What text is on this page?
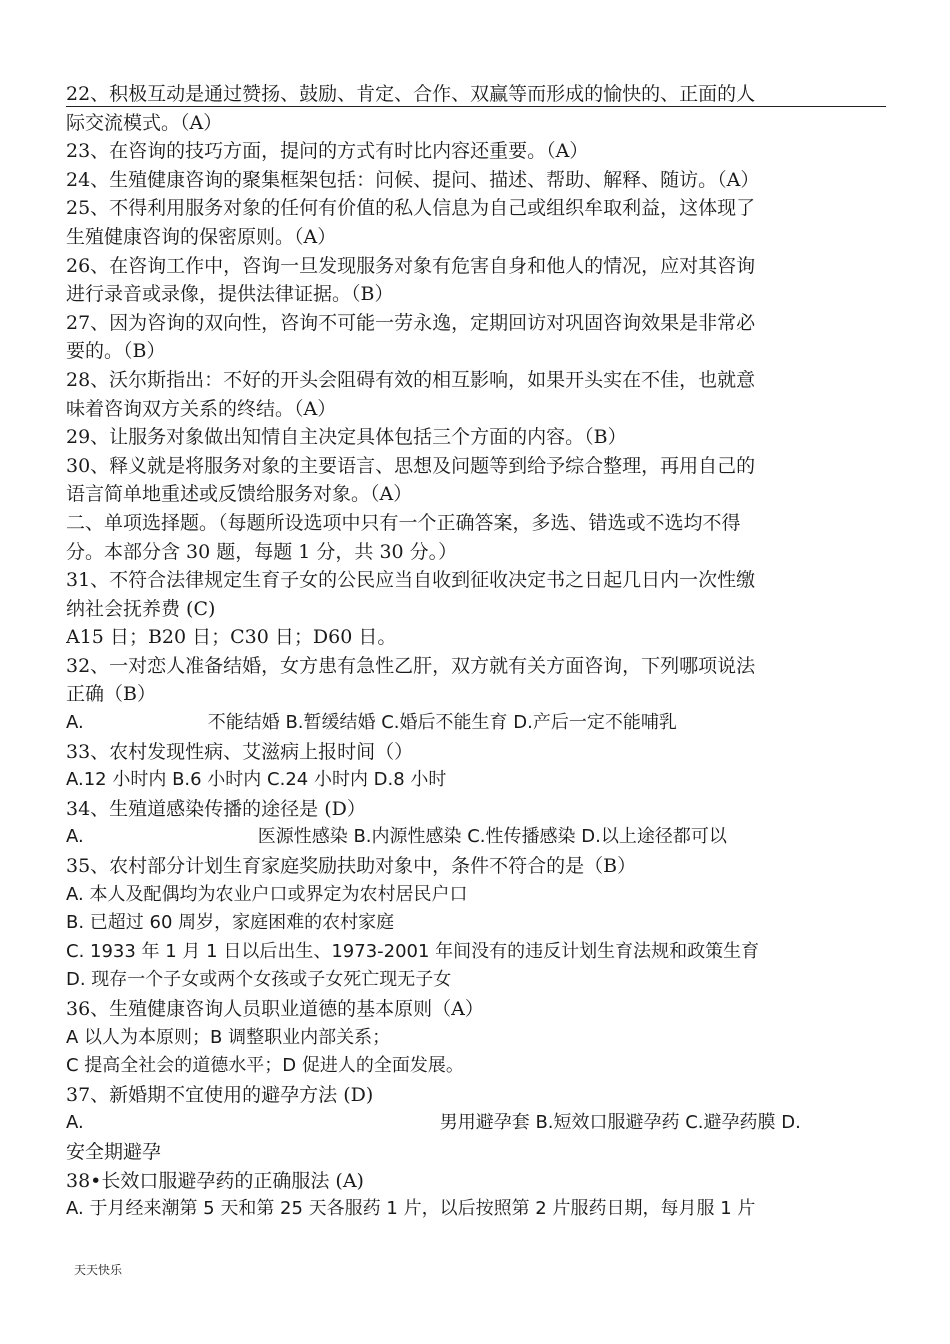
22、积极互动是通过赞扬、鼓励、肯定、合作、双赢等而形成的愉快的、正面的人
际交流模式。（A）
23、在咨询的技巧方面，提问的方式有时比内容还重要。（A）
24、生殖健康咨询的聚集框架包括：问候、提问、描述、帮助、解释、随访。（A）
25、不得利用服务对象的任何有价值的私人信息为自己或组织牟取利益，这体现了
生殖健康咨询的保密原则。（A）
26、在咨询工作中，咨询一旦发现服务对象有危害自身和他人的情况，应对其咨询
进行录音或录像，提供法律证据。（B）
27、因为咨询的双向性，咨询不可能一劳永逸，定期回访对巩固咨询效果是非常必
要的。（B）
28、沃尔斯指出：不好的开头会阻碍有效的相互影响，如果开头实在不佳，也就意
味着咨询双方关系的终结。（A）
29、让服务对象做出知情自主决定具体包括三个方面的内容。（B）
30、释义就是将服务对象的主要语言、思想及问题等到给予综合整理，再用自己的
语言简单地重述或反馈给服务对象。（A）
二、单项选择题。（每题所设选项中只有一个正确答案，多选、错选或不选均不得
分。本部分含 30 题，每题 1 分，共 30 分。）
31、不符合法律规定生育子女的公民应当自收到征收决定书之日起几日内一次性缴
纳社会抚养费 (C)
A15 日；B20 日；C30 日；D60 日。
32、一对恋人准备结婚，女方患有急性乙肝，双方就有关方面咨询，下列哪项说法
正确（B）
A.	不能结婚 B.暂缓结婚 C.婚后不能生育 D.产后一定不能哺乳
33、农村发现性病、艾滋病上报时间（）
A.12 小时内 B.6 小时内 C.24 小时内 D.8 小时
34、生殖道感染传播的途径是 (D）
A.	医源性感染 B.内源性感染 C.性传播感染 D.以上途径都可以
35、农村部分计划生育家庭奖励扶助对象中，条件不符合的是（B）
A. 本人及配偶均为农业户口或界定为农村居民户口
B. 已超过 60 周岁，家庭困难的农村家庭
C. 1933 年 1 月 1 日以后出生、1973-2001 年间没有的违反计划生育法规和政策生育
D. 现存一个子女或两个女孩或子女死亡现无子女
36、生殖健康咨询人员职业道德的基本原则（A）
A 以人为本原则；B 调整职业内部关系；
C 提高全社会的道德水平；D 促进人的全面发展。
37、新婚期不宜使用的避孕方法 (D)
A.	男用避孕套 B.短效口服避孕药 C.避孕药膜 D.
安全期避孕
38•长效口服避孕药的正确服法 (A)
A. 于月经来潮第 5 天和第 25 天各服药 1 片，以后按照第 2 片服药日期，每月服 1 片
天天快乐
